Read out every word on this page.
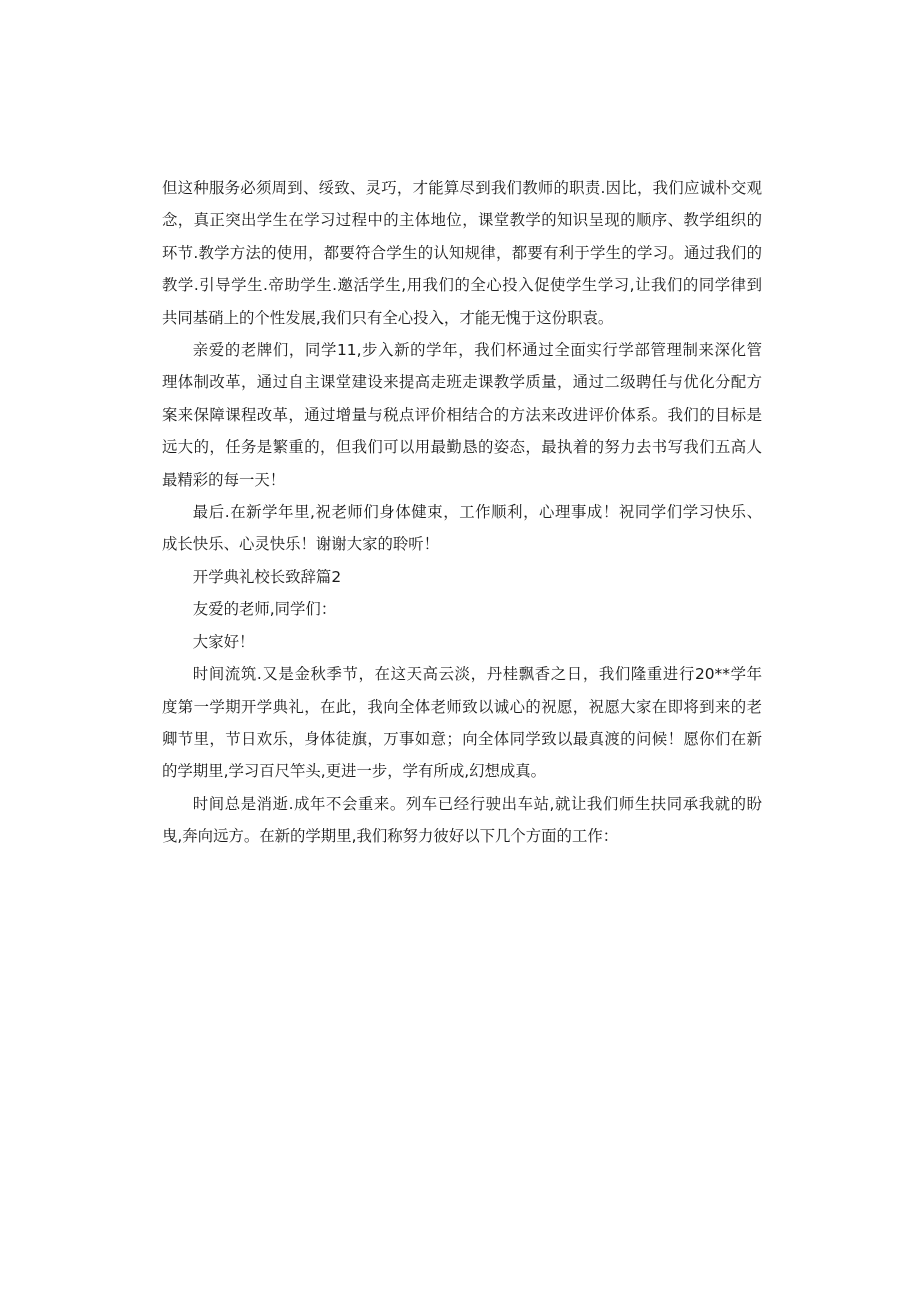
但这种服务必须周到、绥致、灵巧，才能算尽到我们教师的职责.因比，我们应诚朴交观
念，真正突出学生在学习过程中的主体地位，课堂教学的知识呈现的顺序、教学组织的
环节.教学方法的使用，都要符合学生的认知规律，都要有利于学生的学习。通过我们的
教学.引导学生.帝助学生.邀活学生,用我们的全心投入促使学生学习,让我们的同学律到
共同基硝上的个性发展,我们只有全心投入，才能无愧于这份职袁。

亲爱的老牌们，同学11,步入新的学年，我们杯通过全面实行学部管理制来深化管
理体制改革，通过自主课堂建设来提高走班走课教学质量，通过二级聘任与优化分配方
案来保障课程改革，通过增量与税点评价相结合的方法来改进评价体系。我们的目标是
远大的，任务是繁重的，但我们可以用最勤恳的姿态，最执着的努力去书写我们五高人
最精彩的每一天！

最后.在新学年里,祝老师们身体健束，工作顺利，心理事成！祝同学们学习快乐、
成长快乐、心灵快乐！谢谢大家的聆听！

开学典礼校长致辞篇2

友爱的老师,同学们：

大家好！

时间流筑.又是金秋季节，在这天高云淡，丹桂飘香之日，我们隆重进行20**学年
度第一学期开学典礼，在此，我向全体老师致以诚心的祝愿，祝愿大家在即将到来的老
卿节里，节日欢乐，身体徒旗，万事如意；向全体同学致以最真渡的问候！愿你们在新
的学期里,学习百尺竿头,更进一步，学有所成,幻想成真。

时间总是消逝.成年不会重来。列车已经行驶出车站,就让我们师生扶同承我就的盼
曳,奔向远方。在新的学期里,我们称努力彼好以下几个方面的工作：
